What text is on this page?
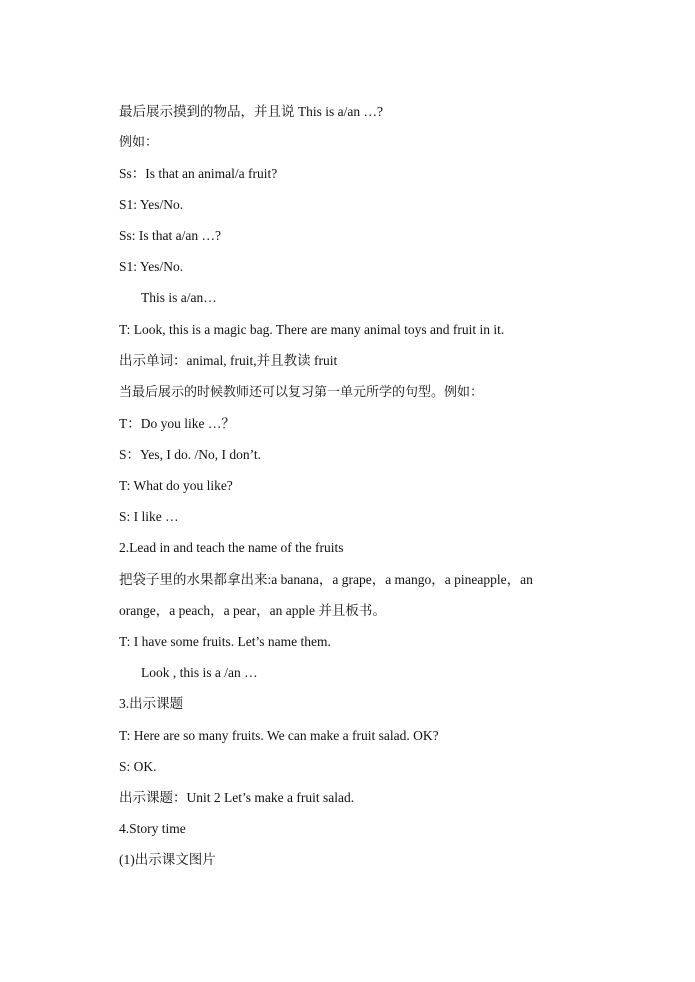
最后展示摸到的物品，并且说 This is a/an …?
例如：
Ss：Is that an animal/a fruit?
S1: Yes/No.
Ss: Is that a/an …?
S1: Yes/No.
This is a/an…
T: Look, this is a magic bag. There are many animal toys and fruit in it.
出示单词：animal, fruit,并且教读 fruit
当最后展示的时候教师还可以复习第一单元所学的句型。例如：
T：Do you like …？
S：Yes, I do. /No, I don’t.
T: What do you like?
S: I like …
2.Lead in and teach the name of the fruits
把袋子里的水果都拿出来:a banana，a grape，a mango，a pineapple，an
orange，a peach，a pear，an apple 并且板书。
T: I have some fruits. Let’s name them.
Look , this is a /an …
3.出示课题
T: Here are so many fruits. We can make a fruit salad. OK?
S: OK.
出示课题：Unit 2 Let’s make a fruit salad.
4.Story time
(1)出示课文图片
